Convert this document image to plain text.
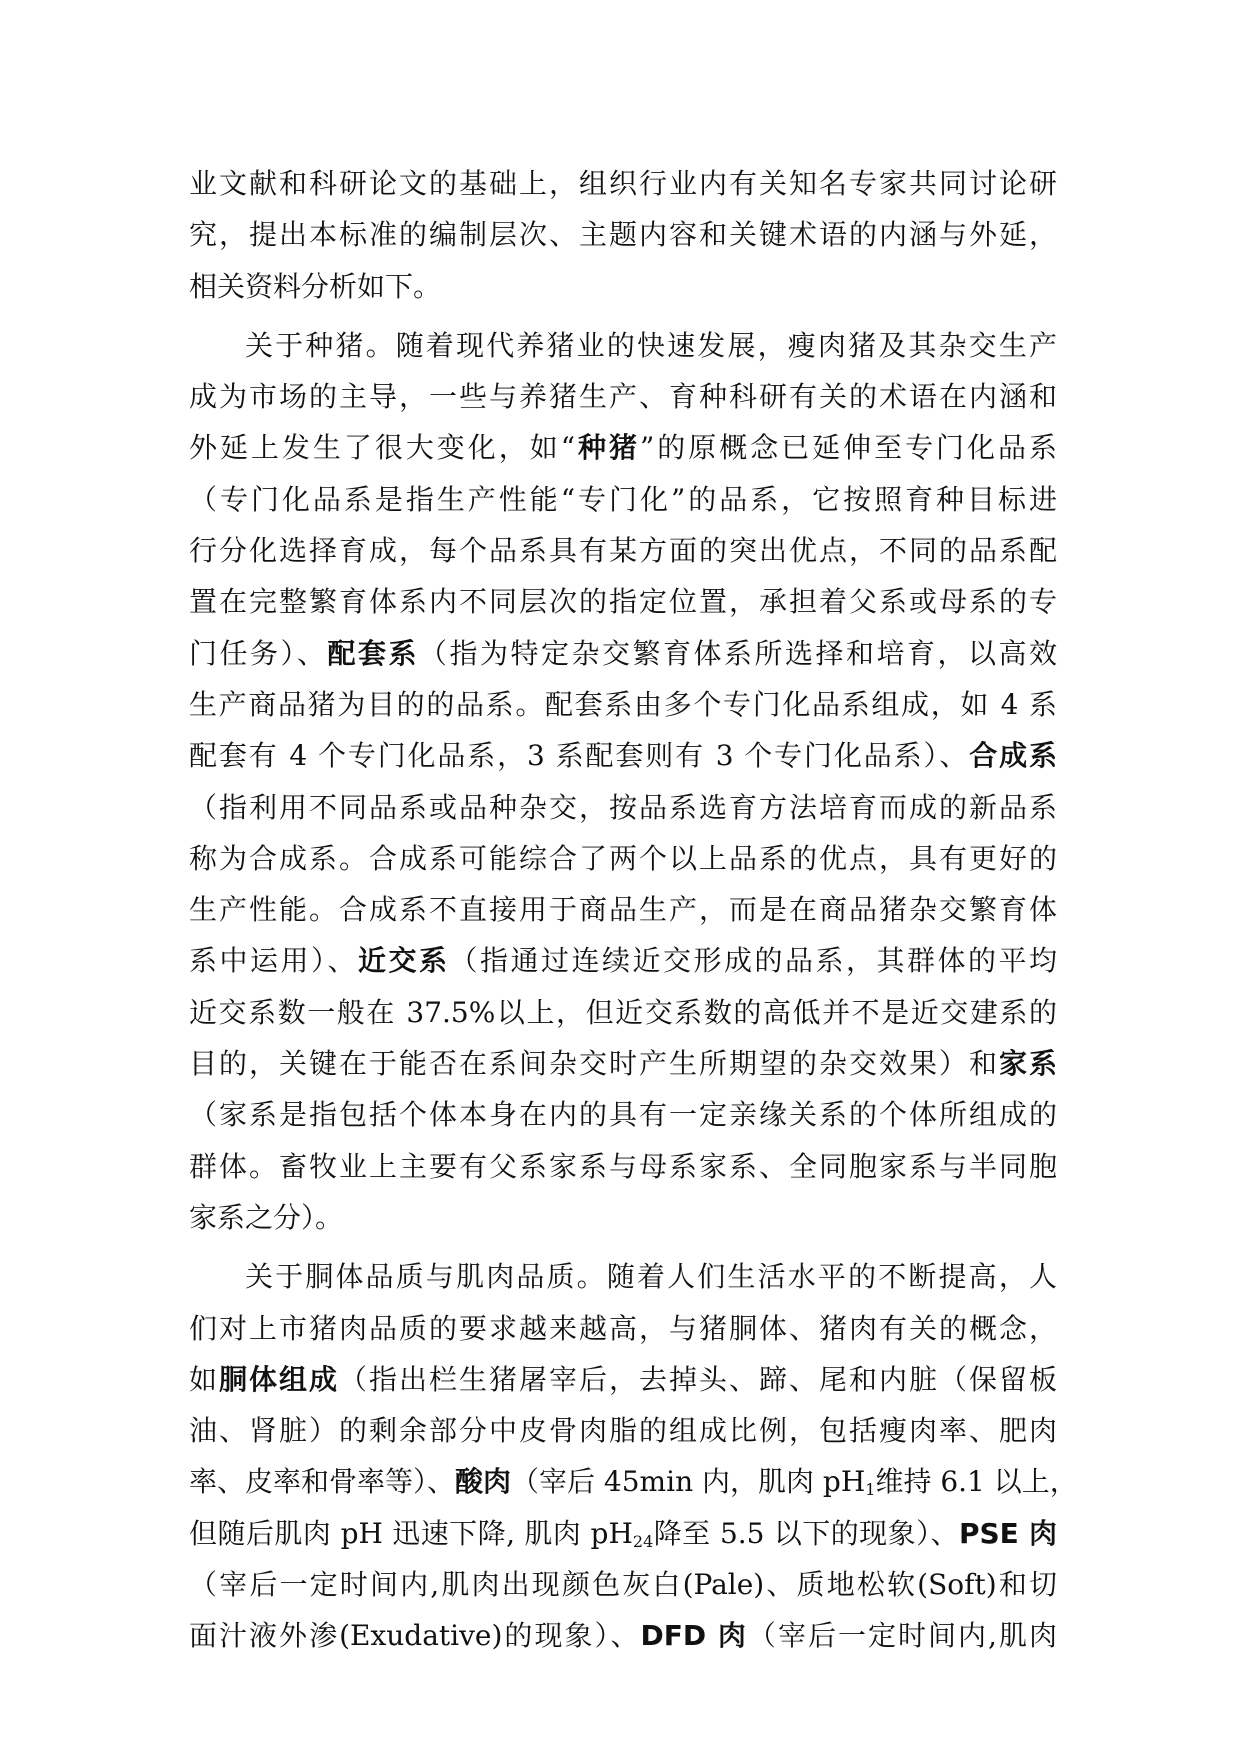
业文献和科研论文的基础上，组织行业内有关知名专家共同讨论研
究，提出本标准的编制层次、主题内容和关键术语的内涵与外延，
相关资料分析如下。
关于种猪。随着现代养猪业的快速发展，瘦肉猪及其杂交生产
成为市场的主导，一些与养猪生产、育种科研有关的术语在内涵和
外延上发生了很大变化，如“种猪”的原概念已延伸至专门化品系
（专门化品系是指生产性能“专门化”的品系，它按照育种目标进
行分化选择育成，每个品系具有某方面的突出优点，不同的品系配
置在完整繁育体系内不同层次的指定位置，承担着父系或母系的专
门任务）、配套系（指为特定杂交繁育体系所选择和培育，以高效
生产商品猪为目的的品系。配套系由多个专门化品系组成，如 4 系
配套有 4 个专门化品系，3 系配套则有 3 个专门化品系）、合成系
（指利用不同品系或品种杂交，按品系选育方法培育而成的新品系
称为合成系。合成系可能综合了两个以上品系的优点，具有更好的
生产性能。合成系不直接用于商品生产，而是在商品猪杂交繁育体
系中运用）、近交系（指通过连续近交形成的品系，其群体的平均
近交系数一般在 37.5%以上，但近交系数的高低并不是近交建系的
目的，关键在于能否在系间杂交时产生所期望的杂交效果）和家系
（家系是指包括个体本身在内的具有一定亲缘关系的个体所组成的
群体。畜牧业上主要有父系家系与母系家系、全同胞家系与半同胞
家系之分）。
关于胴体品质与肌肉品质。随着人们生活水平的不断提高，人
们对上市猪肉品质的要求越来越高，与猪胴体、猪肉有关的概念，
如胴体组成（指出栏生猪屠宰后，去掉头、蹄、尾和内脏（保留板
油、肾脏）的剩余部分中皮骨肉脂的组成比例，包括瘦肉率、肥肉
率、皮率和骨率等）、酸肉（宰后 45min 内，肌肉 $pH_1$维持 6.1 以上，
但随后肌肉 pH 迅速下降, 肌肉 $pH_{24}$降至 5.5 以下的现象）、PSE 肉
（宰后一定时间内,肌肉出现颜色灰白(Pale)、质地松软(Soft)和切
面汁液外渗(Exudative)的现象）、DFD 肉（宰后一定时间内,肌肉
